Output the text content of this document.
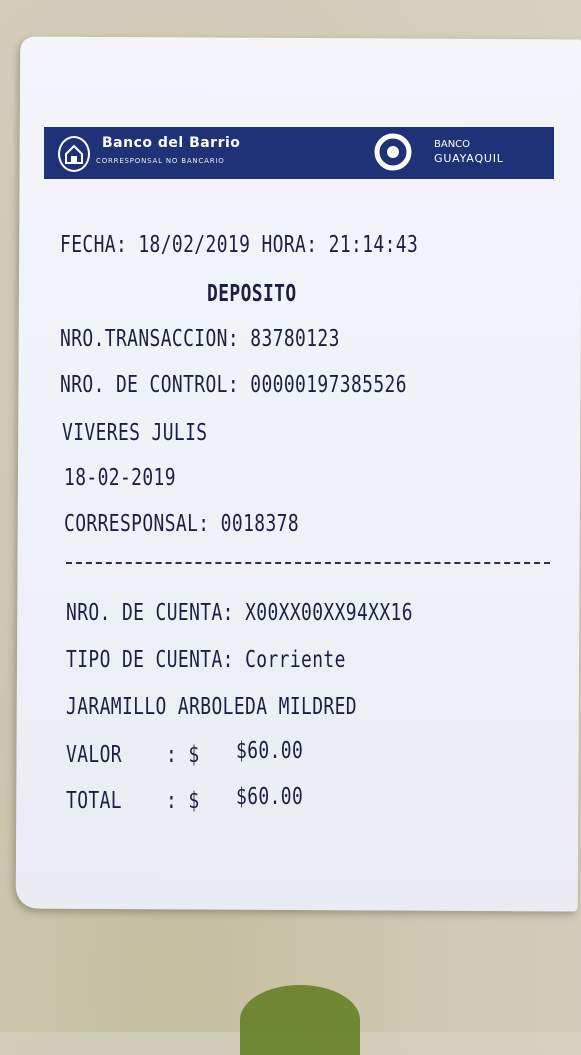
Banco del Barrio
CORRESPONSAL NO BANCARIO
BANCO
GUAYAQUIL
FECHA: 18/02/2019 HORA: 21:14:43
DEPOSITO
NRO.TRANSACCION: 83780123
NRO. DE CONTROL: 00000197385526
VIVERES JULIS
18-02-2019
CORRESPONSAL: 0018378
NRO. DE CUENTA: X00XX00XX94XX16
TIPO DE CUENTA: Corriente
JARAMILLO ARBOLEDA MILDRED
VALOR : $ $60.00
TOTAL : $ $60.00
